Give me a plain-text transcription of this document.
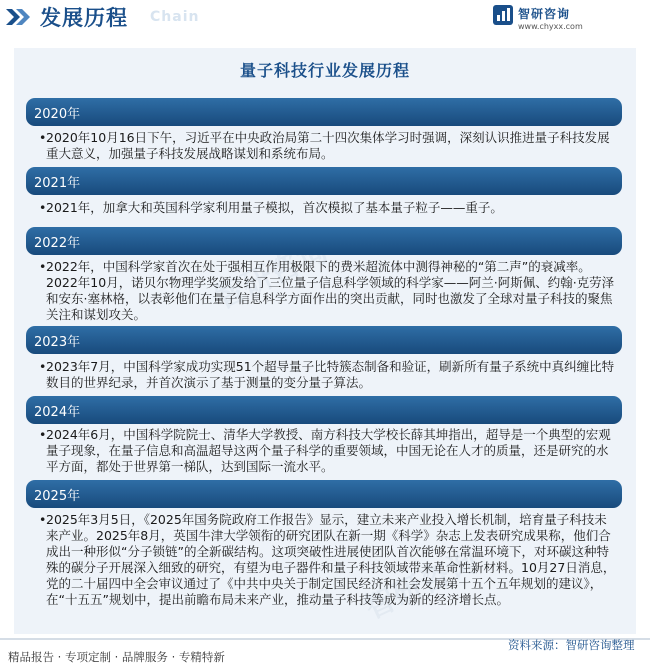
发展历程 Chain	智研咨询
www.chyxx.com
量子科技行业发展历程
2020年
• 2020年10月16日下午，习近平在中央政治局第二十四次集体学习时强调，深刻认识推进量子科技发展重大意义，加强量子科技发展战略谋划和系统布局。
2021年
• 2021年，加拿大和英国科学家利用量子模拟，首次模拟了基本量子粒子——重子。
2022年
• 2022年，中国科学家首次在处于强相互作用极限下的费米超流体中测得神秘的“第二声”的衰减率。2022年10月，诺贝尔物理学奖颁发给了三位量子信息科学领域的科学家——阿兰·阿斯佩、约翰·克劳泽和安东·塞林格，以表彰他们在量子信息科学方面作出的突出贡献，同时也激发了全球对量子科技的聚焦关注和谋划攻关。
2023年
• 2023年7月，中国科学家成功实现51个超导量子比特簇态制备和验证，刷新所有量子系统中真纠缠比特数目的世界纪录，并首次演示了基于测量的变分量子算法。
2024年
• 2024年6月，中国科学院院士、清华大学教授、南方科技大学校长薛其坤指出，超导是一个典型的宏观量子现象，在量子信息和高温超导这两个量子科学的重要领域，中国无论在人才的质量，还是研究的水平方面，都处于世界第一梯队，达到国际一流水平。
2025年
• 2025年3月5日，《2025年国务院政府工作报告》显示，建立未来产业投入增长机制，培育量子科技未来产业。2025年8月，英国牛津大学领衔的研究团队在新一期《科学》杂志上发表研究成果称，他们合成出一种形似“分子锁链”的全新碳结构。这项突破性进展使团队首次能够在常温环境下，对环碳这种特殊的碳分子开展深入细致的研究，有望为电子器件和量子科技领域带来革命性新材料。10月27日消息，党的二十届四中全会审议通过了《中共中央关于制定国民经济和社会发展第十五个五年规划的建议》，在“十五五”规划中，提出前瞻布局未来产业，推动量子科技等成为新的经济增长点。
精品报告 · 专项定制 · 品牌服务 · 专精特新
资料来源：智研咨询整理
